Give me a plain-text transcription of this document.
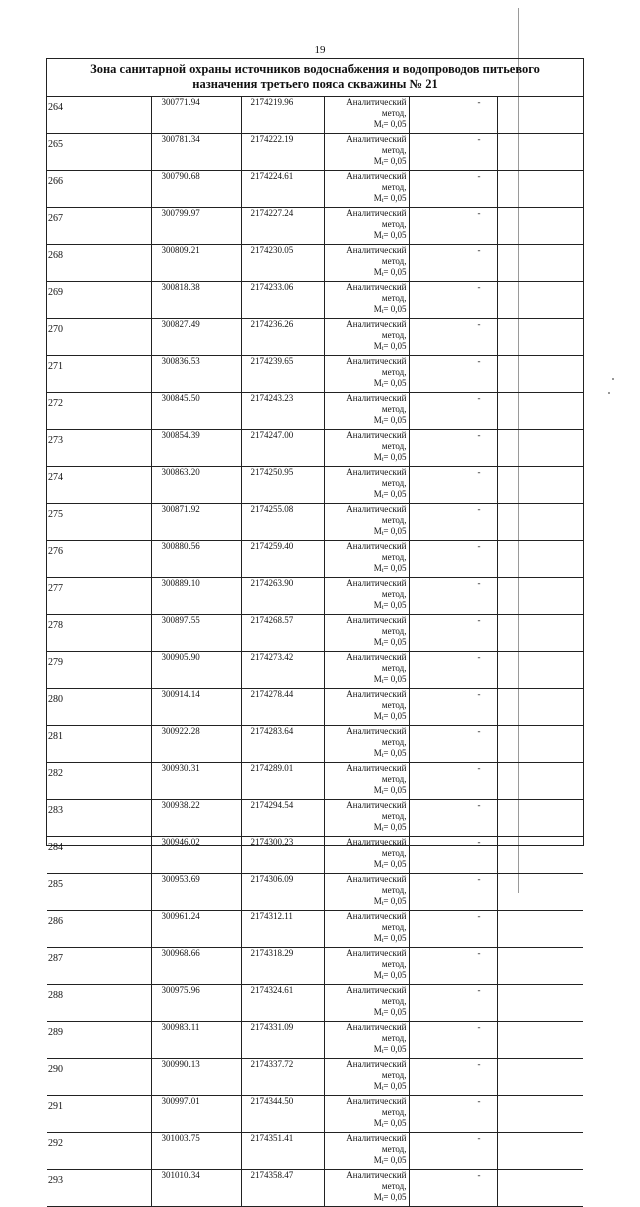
19
Зона санитарной охраны источников водоснабжения и водопроводов питьевого
назначения третьего пояса скважины № 21
264	300771.94	2174219.96	Аналитический метод,
Mt= 0,05	-	
265	300781.34	2174222.19	Аналитический метод,
Mt= 0,05	-	
266	300790.68	2174224.61	Аналитический метод,
Mt= 0,05	-	
267	300799.97	2174227.24	Аналитический метод,
Mt= 0,05	-	
268	300809.21	2174230.05	Аналитический метод,
Mt= 0,05	-	
269	300818.38	2174233.06	Аналитический метод,
Mt= 0,05	-	
270	300827.49	2174236.26	Аналитический метод,
Mt= 0,05	-	
271	300836.53	2174239.65	Аналитический метод,
Mt= 0,05	-	
272	300845.50	2174243.23	Аналитический метод,
Mt= 0,05	-	
273	300854.39	2174247.00	Аналитический метод,
Mt= 0,05	-	
274	300863.20	2174250.95	Аналитический метод,
Mt= 0,05	-	
275	300871.92	2174255.08	Аналитический метод,
Mt= 0,05	-	
276	300880.56	2174259.40	Аналитический метод,
Mt= 0,05	-	
277	300889.10	2174263.90	Аналитический метод,
Mt= 0,05	-	
278	300897.55	2174268.57	Аналитический метод,
Mt= 0,05	-	
279	300905.90	2174273.42	Аналитический метод,
Mt= 0,05	-	
280	300914.14	2174278.44	Аналитический метод,
Mt= 0,05	-	
281	300922.28	2174283.64	Аналитический метод,
Mt= 0,05	-	
282	300930.31	2174289.01	Аналитический метод,
Mt= 0,05	-	
283	300938.22	2174294.54	Аналитический метод,
Mt= 0,05	-	
284	300946.02	2174300.23	Аналитический метод,
Mt= 0,05	-	
285	300953.69	2174306.09	Аналитический метод,
Mt= 0,05	-	
286	300961.24	2174312.11	Аналитический метод,
Mt= 0,05	-	
287	300968.66	2174318.29	Аналитический метод,
Mt= 0,05	-	
288	300975.96	2174324.61	Аналитический метод,
Mt= 0,05	-	
289	300983.11	2174331.09	Аналитический метод,
Mt= 0,05	-	
290	300990.13	2174337.72	Аналитический метод,
Mt= 0,05	-	
291	300997.01	2174344.50	Аналитический метод,
Mt= 0,05	-	
292	301003.75	2174351.41	Аналитический метод,
Mt= 0,05	-	
293	301010.34	2174358.47	Аналитический метод,
Mt= 0,05	-	
